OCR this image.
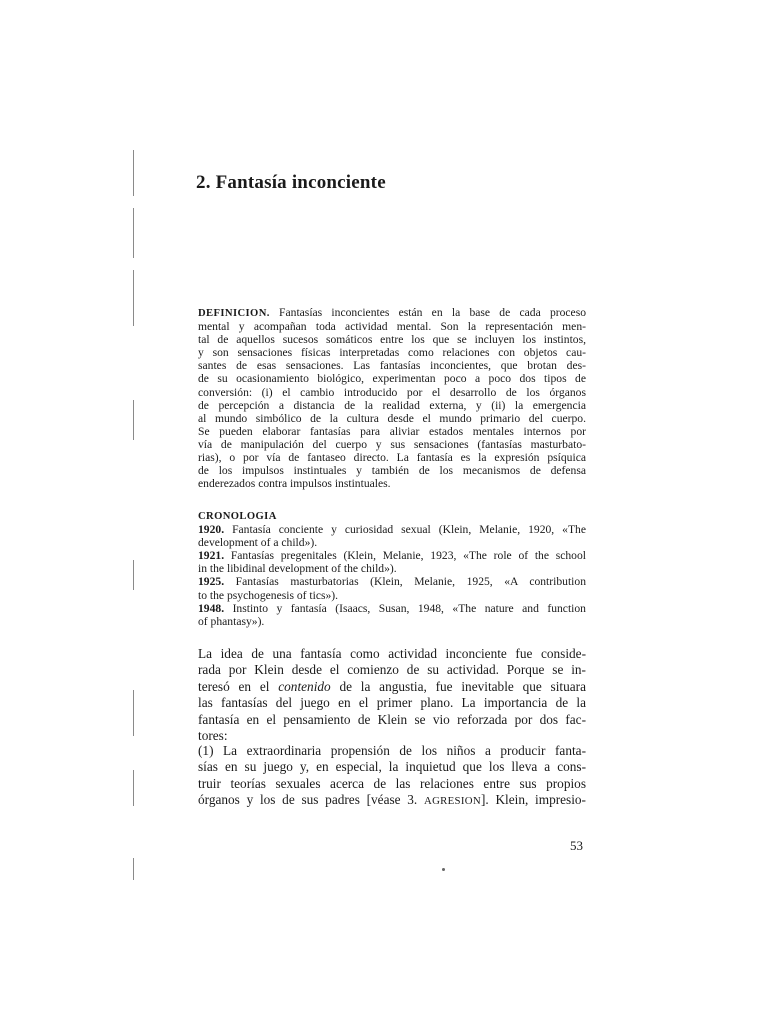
2. Fantasía inconciente
DEFINICION. Fantasías inconcientes están en la base de cada proceso
mental y acompañan toda actividad mental. Son la representación men-
tal de aquellos sucesos somáticos entre los que se incluyen los instintos,
y son sensaciones físicas interpretadas como relaciones con objetos cau-
santes de esas sensaciones. Las fantasías inconcientes, que brotan des-
de su ocasionamiento biológico, experimentan poco a poco dos tipos de
conversión: (i) el cambio introducido por el desarrollo de los órganos
de percepción a distancia de la realidad externa, y (ii) la emergencia
al mundo simbólico de la cultura desde el mundo primario del cuerpo.
Se pueden elaborar fantasías para aliviar estados mentales internos por
vía de manipulación del cuerpo y sus sensaciones (fantasías masturbato-
rias), o por vía de fantaseo directo. La fantasía es la expresión psíquica
de los impulsos instintuales y también de los mecanismos de defensa
enderezados contra impulsos instintuales.
CRONOLOGIA
1920. Fantasía conciente y curiosidad sexual (Klein, Melanie, 1920, «The
development of a child»).
1921. Fantasías pregenitales (Klein, Melanie, 1923, «The role of the school
in the libidinal development of the child»).
1925. Fantasías masturbatorias (Klein, Melanie, 1925, «A contribution
to the psychogenesis of tics»).
1948. Instinto y fantasía (Isaacs, Susan, 1948, «The nature and function
of phantasy»).
La idea de una fantasía como actividad inconciente fue conside-
rada por Klein desde el comienzo de su actividad. Porque se in-
teresó en el contenido de la angustia, fue inevitable que situara
las fantasías del juego en el primer plano. La importancia de la
fantasía en el pensamiento de Klein se vio reforzada por dos fac-
tores:
(1) La extraordinaria propensión de los niños a producir fanta-
sías en su juego y, en especial, la inquietud que los lleva a cons-
truir teorías sexuales acerca de las relaciones entre sus propios
órganos y los de sus padres [véase 3. AGRESION]. Klein, impresio-
53
